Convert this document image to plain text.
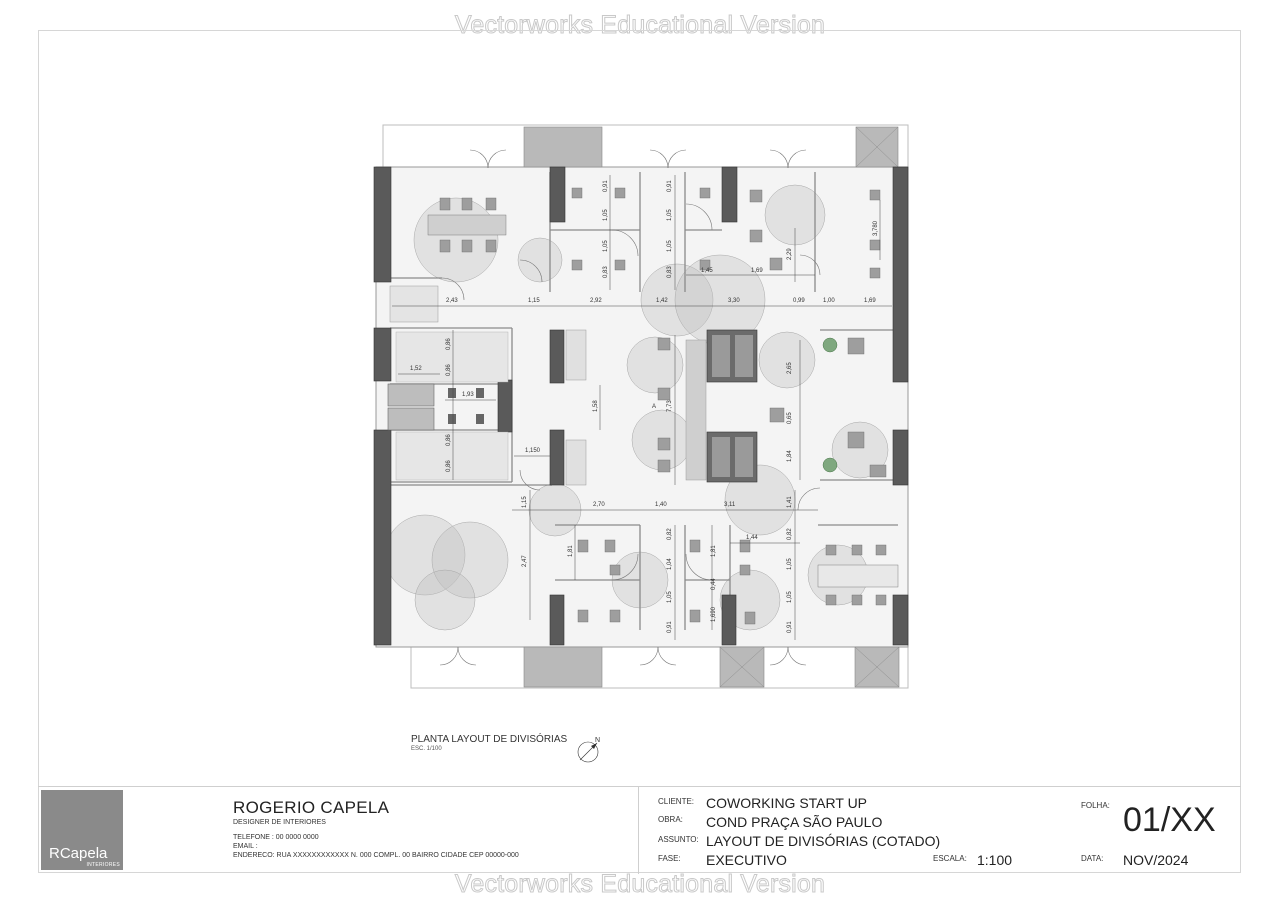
Vectorworks Educational Version
2,43	1,15	2,92	1,42	3,30	0,99	1,00	1,69
2,70	1,40	3,11
1,45	1,69
1,52
1,93
1,150
1,44
0,91
1,05
1,05
0,83
0,91
1,05
1,05
0,83
2,29
3,780
0,86
0,86
0,86
0,86
1,58	7,73
2,65
0,65
1,84
1,15
2,47
1,81
0,82
1,04
1,05
0,91
1,81
0,44
1,690
0,82
1,05
1,05
0,91
1,41
A
PLANTA LAYOUT DE DIVISÓRIAS
ESC. 1/100
N
RCapela
INTERIORES
ROGERIO CAPELA
DESIGNER DE INTERIORES
TELEFONE : 00 0000 0000
EMAIL :
ENDERECO: RUA XXXXXXXXXXXX N. 000 COMPL. 00 BAIRRO CIDADE CEP 00000-000
CLIENTE: COWORKING START UP
OBRA: COND PRAÇA SÃO PAULO
ASSUNTO: LAYOUT DE DIVISÓRIAS (COTADO)
FASE: EXECUTIVO	ESCALA: 1:100
FOLHA: 01/XX
DATA: NOV/2024
Vectorworks Educational Version
